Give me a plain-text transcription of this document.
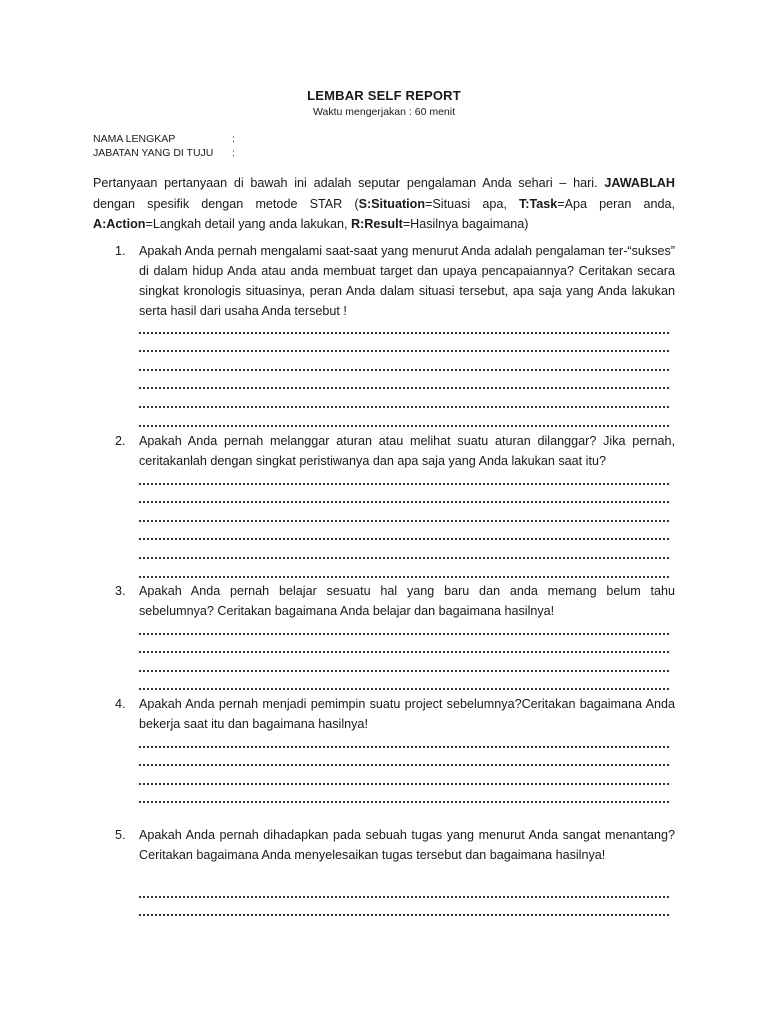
LEMBAR SELF REPORT
Waktu mengerjakan : 60 menit
NAMA LENGKAP	:
JABATAN YANG DI TUJU :
Pertanyaan pertanyaan di bawah ini adalah seputar pengalaman Anda sehari – hari. JAWABLAH dengan spesifik dengan metode STAR (S:Situation=Situasi apa, T:Task=Apa peran anda, A:Action=Langkah detail yang anda lakukan, R:Result=Hasilnya bagaimana)
1. Apakah Anda pernah mengalami saat-saat yang menurut Anda adalah pengalaman ter-“sukses” di dalam hidup Anda atau anda membuat target dan upaya pencapaiannya? Ceritakan secara singkat kronologis situasinya, peran Anda dalam situasi tersebut, apa saja yang Anda lakukan serta hasil dari usaha Anda tersebut !
2. Apakah Anda pernah melanggar aturan atau melihat suatu aturan dilanggar? Jika pernah, ceritakanlah dengan singkat peristiwanya dan apa saja yang Anda lakukan saat itu?
3. Apakah Anda pernah belajar sesuatu hal yang baru dan anda memang belum tahu sebelumnya? Ceritakan bagaimana Anda belajar dan bagaimana hasilnya!
4. Apakah Anda pernah menjadi pemimpin suatu project sebelumnya?Ceritakan bagaimana Anda bekerja saat itu dan bagaimana hasilnya!
5. Apakah Anda pernah dihadapkan pada sebuah tugas yang menurut Anda sangat menantang?Ceritakan bagaimana Anda menyelesaikan tugas tersebut dan bagaimana hasilnya!
